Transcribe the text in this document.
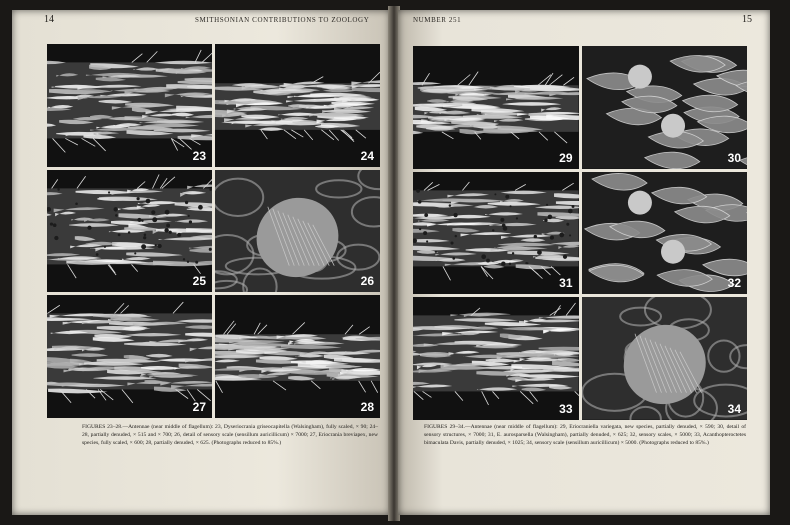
14	SMITHSONIAN CONTRIBUTIONS TO ZOOLOGY	NUMBER 251	15
23	24
25	26
27	28
FIGURES 23–28.—Antennae (near middle of flagellum): 23, Dyseriocrania griseocapitella (Walsingham), fully scaled, × 90; 24–28, partially denuded, × 515 and × 700; 26, detail of sensory scale (sensillum auricillicum) × 7000; 27, Eriocrania breviapex, new species, fully scaled, × 600; 28, partially denuded, × 625. (Photographs reduced to 85%.)
29	30
31	32
33	34
FIGURES 29–34.—Antennae (near middle of flagellum): 29, Eriocraniella variegata, new species, partially denuded, × 590; 30, detail of sensory structures, × 7000; 31, E. aurosparsella (Walsingham), partially denuded, × 625; 32, sensory scales, × 5000; 33, Acanthopteroctetes bimaculata Davis, partially denuded, × 1025; 34, sensory scale (sensillum auricillicum) × 5000. (Photographs reduced to 85%.)
